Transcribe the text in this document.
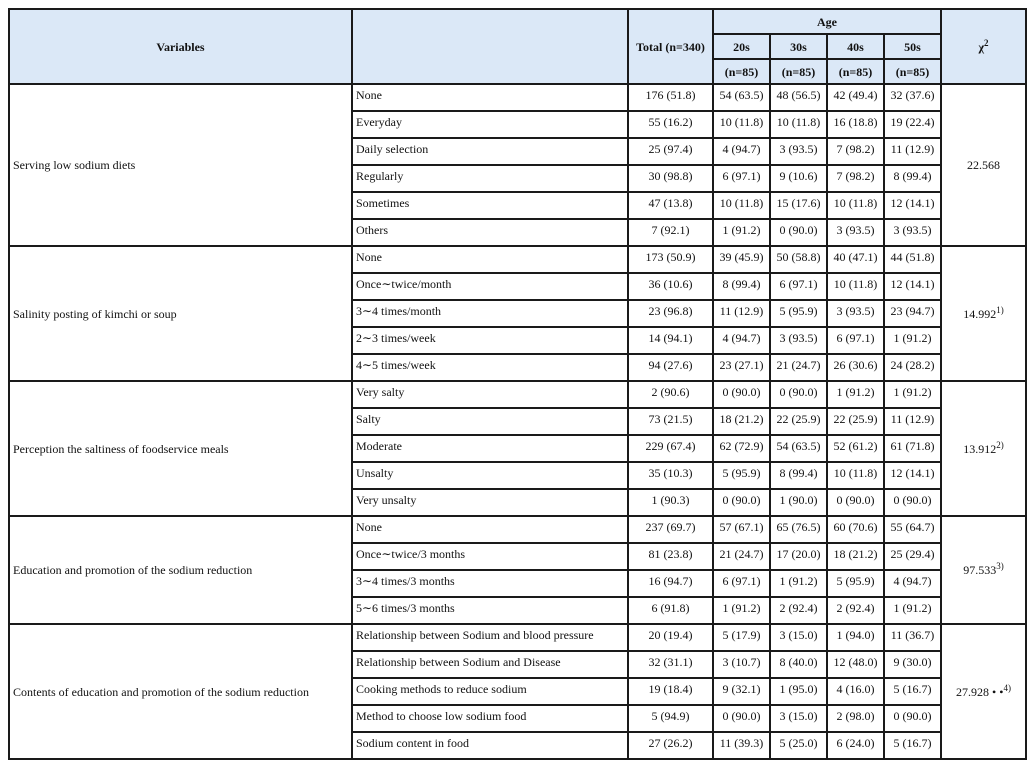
Variables		Total (n=340)	Age				$\chi^2$
			20s	30s	40s	50s	
			(n=85)	(n=85)	(n=85)	(n=85)	
Serving low sodium diets	None	176 (51.8)	54 (63.5)	48 (56.5)	42 (49.4)	32 (37.6)	22.568
	Everyday	55 (16.2)	10 (11.8)	10 (11.8)	16 (18.8)	19 (22.4)	
	Daily selection	25 (97.4)	4 (94.7)	3 (93.5)	7 (98.2)	11 (12.9)	
	Regularly	30 (98.8)	6 (97.1)	9 (10.6)	7 (98.2)	8 (99.4)	
	Sometimes	47 (13.8)	10 (11.8)	15 (17.6)	10 (11.8)	12 (14.1)	
	Others	7 (92.1)	1 (91.2)	0 (90.0)	3 (93.5)	3 (93.5)	
Salinity posting of kimchi or soup	None	173 (50.9)	39 (45.9)	50 (58.8)	40 (47.1)	44 (51.8)	14.992$^{1)}$
	Once∼twice/month	36 (10.6)	8 (99.4)	6 (97.1)	10 (11.8)	12 (14.1)	
	3∼4 times/month	23 (96.8)	11 (12.9)	5 (95.9)	3 (93.5)	23 (94.7)	
	2∼3 times/week	14 (94.1)	4 (94.7)	3 (93.5)	6 (97.1)	1 (91.2)	
	4∼5 times/week	94 (27.6)	23 (27.1)	21 (24.7)	26 (30.6)	24 (28.2)	
Perception the saltiness of foodservice meals	Very salty	2 (90.6)	0 (90.0)	0 (90.0)	1 (91.2)	1 (91.2)	13.912$^{2)}$
	Salty	73 (21.5)	18 (21.2)	22 (25.9)	22 (25.9)	11 (12.9)	
	Moderate	229 (67.4)	62 (72.9)	54 (63.5)	52 (61.2)	61 (71.8)	
	Unsalty	35 (10.3)	5 (95.9)	8 (99.4)	10 (11.8)	12 (14.1)	
	Very unsalty	1 (90.3)	0 (90.0)	1 (90.0)	0 (90.0)	0 (90.0)	
Education and promotion of the sodium reduction	None	237 (69.7)	57 (67.1)	65 (76.5)	60 (70.6)	55 (64.7)	97.533$^{3)}$
	Once∼twice/3 months	81 (23.8)	21 (24.7)	17 (20.0)	18 (21.2)	25 (29.4)	
	3∼4 times/3 months	16 (94.7)	6 (97.1)	1 (91.2)	5 (95.9)	4 (94.7)	
	5∼6 times/3 months	6 (91.8)	1 (91.2)	2 (92.4)	2 (92.4)	1 (91.2)	
Contents of education and promotion of the sodium reduction	Relationship between Sodium and blood pressure	20 (19.4)	5 (17.9)	3 (15.0)	1 (94.0)	11 (36.7)	27.928 • •$^{4)}$
	Relationship between Sodium and Disease	32 (31.1)	3 (10.7)	8 (40.0)	12 (48.0)	9 (30.0)	
	Cooking methods to reduce sodium	19 (18.4)	9 (32.1)	1 (95.0)	4 (16.0)	5 (16.7)	
	Method to choose low sodium food	5 (94.9)	0 (90.0)	3 (15.0)	2 (98.0)	0 (90.0)	
	Sodium content in food	27 (26.2)	11 (39.3)	5 (25.0)	6 (24.0)	5 (16.7)	
